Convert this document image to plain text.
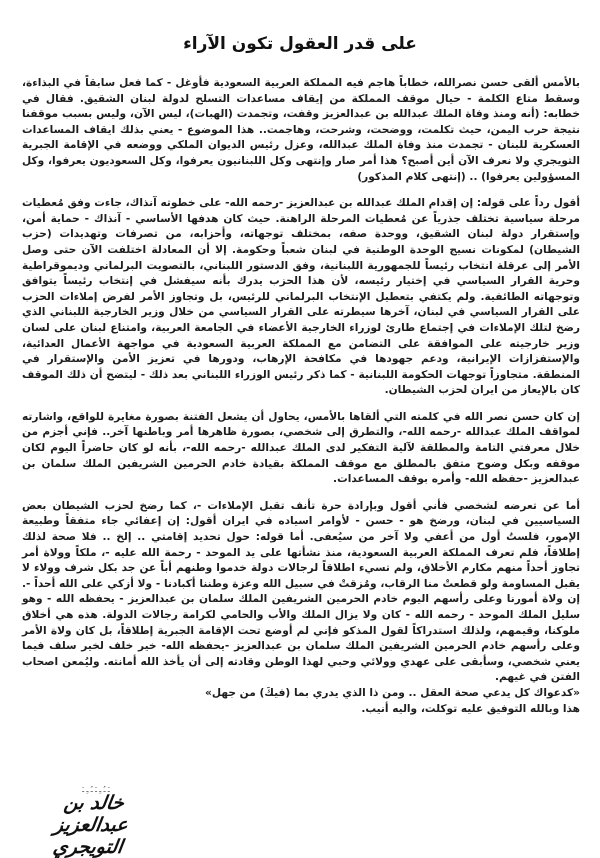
على قدر العقول تكون الآراء

بالأمس ألقى حسن نصرالله، خطاباً هاجم فيه المملكة العربية السعودية فأوغل - كما فعل سابقاً في البذاءة، وسقط متاع الكلمة - حيال موقف المملكة من إيقاف مساعدات التسلح لدولة لبنان الشقيق. فقال في خطابه: (أنه ومنذ وفاة الملك عبدالله بن عبدالعزيز وقفت، وتجمدت (الهبات)، ليس الآن، وليس بسبب موقفنا نتيجة حرب اليمن، حيث تكلمت، ووضحت، وشرحت، وهاجمت.. هذا الموضوع - يعني بذلك ايقاف المساعدات العسكرية للبنان - تجمدت منذ وفاة الملك عبدالله، وعزل رئيس الديوان الملكي ووضعه في الإقامة الجبرية التويجري ولا نعرف الآن أين أصبح؟ هذا أمر صار وإنتهى وكل اللبنانيون يعرفوا، وكل السعوديون يعرفوا، وكل المسؤولين يعرفوا) .. (إنتهى كلام المذكور)

أقول رداً على قوله: إن إقدام الملك عبدالله بن عبدالعزيز -رحمه الله- على خطوته آنذاك، جاءت وفق مُعطيات مرحلة سياسية تختلف جذرياً عن مُعطيات المرحلة الراهنة. حيث كان هدفها الأساسي - آنذاك - حماية أمن، وإستقرار دولة لبنان الشقيق، ووحدة صفه، بمختلف توجهاته، وأحزابه، من تصرفات وتهديدات (حزب الشيطان) لمكونات نسيج الوحدة الوطنية في لبنان شعباً وحكومة. إلا أن المعادلة اختلفت الآن حتى وصل الأمر إلى عرقلة انتخاب رئيساً للجمهورية اللبنانية، وفق الدستور اللبناني، بالتصويت البرلماني وديموقراطية وحرية القرار السياسي في إختيار رئيسه، لأن هذا الحزب يدرك بأنه سيفشل في إنتخاب رئيساً يتوافق وتوجهاته الطائفية. ولم يكتفي بتعطيل الإنتخاب البرلماني للرئيس، بل وتجاوز الأمر لفرض إملاءات الحزب على القرار السياسي في لبنان، آخرها سيطرته على القرار السياسي من خلال وزير الخارجية اللبناني الذي رضخ لتلك الإملاءات في إجتماع طارئ لوزراء الخارجية الأعضاء في الجامعة العربية، وامتناع لبنان على لسان وزير خارجيته على الموافقة على التضامن مع المملكة العربية السعودية في مواجهة الأعمال العدائية، والإستفزازات الإيرانية، ودعم جهودها في مكافحة الإرهاب، ودورها في تعزيز الأمن والإستقرار في المنطقة. متجاوزاً توجهات الحكومة اللبنانية - كما ذكر رئيس الوزراء اللبناني بعد ذلك - ليتضح أن ذلك الموقف كان بالإيعاز من ايران لحزب الشيطان.

إن كان حسن نصر الله في كلمته التي ألقاها بالأمس، يحاول أن يشعل الفتنة بصورة مغايرة للواقع، واشارته لمواقف الملك عبدالله -رحمه الله-، والتطرق إلى شخصي، بصورة ظاهرها أمر وباطنها آخر.. فإني أجزم من خلال معرفتي التامة والمطلقة لآلية التفكير لدى الملك عبدالله -رحمه الله-، بأنه لو كان حاضراً اليوم لكان موقفه وبكل وضوح متفق بالمطلق مع موقف المملكة بقيادة خادم الحرمين الشريفين الملك سلمان بن عبدالعزيز -حفظه الله- وأمره بوقف المساعدات.

أما عن تعرضه لشخصي فأني أقول وبإرادة حرة تأنف تقبل الإملاءات -، كما رضخ لحزب الشيطان بعض السياسيين في لبنان، ورضخ هو - حسن - لأوامر اسياده في ايران أقول: إن إعفائي جاء متفقاً وطبيعة الإمور، فلستُ أول من أعفي ولا آخر من سيُعفى. أما قوله: حول تحديد إقامتي .. إلخ .. فلا صحة لذلك إطلاقاً، فلم تعرف المملكة العربية السعودية، منذ نشأتها على يد الموحد - رحمة الله عليه -، ملكاً وولاة أمر تجاوز أحداً منهم مكارم الأخلاق، ولم تسيء اطلاقاً لرجالات دولة خدموا وطنهم أباً عن جد بكل شرف وولاء لا يقبل المساومة ولو قطعتْ منا الرقاب، ومُزقتْ في سبيل الله وعزة وطننا أكبادنا - ولا أزكي على الله أحداً -. إن ولاة أمورنا وعلى رأسهم اليوم خادم الحرمين الشريفين الملك سلمان بن عبدالعزيز - يحفظه الله - وهو سليل الملك الموحد - رحمه الله - كان ولا يزال الملك والأب والحامي لكرامة رجالات الدولة. هذه هي أخلاق ملوكنا، وقيمهم، ولذلك استدراكاً لقول المذكو فإني لم أوضع تحت الإقامة الجبرية إطلاقاً، بل كان ولاة الأمر وعلى رأسهم خادم الحرمين الشريفين الملك سلمان بن عبدالعزيز -يحفظه الله- خير خلف لخير سلف فيما يعني شخصي، وسأبقى على عهدي وولائي وحبي لهذا الوطن وقادته إلى أن يأخذ الله أمانته. وليُمعن اصحاب الفتن في غيهم.

«كدعواك كل يدعي صحة العقل .. ومن ذا الذي يدري بما (فيكَ) من جهل»

هذا وبالله التوفيق عليه توكلت، واليه أنيب.

ـَ ـُ ـِ ـَ ـُ ـِ ـَ
خالد بن عبدالعزيز التويجري
